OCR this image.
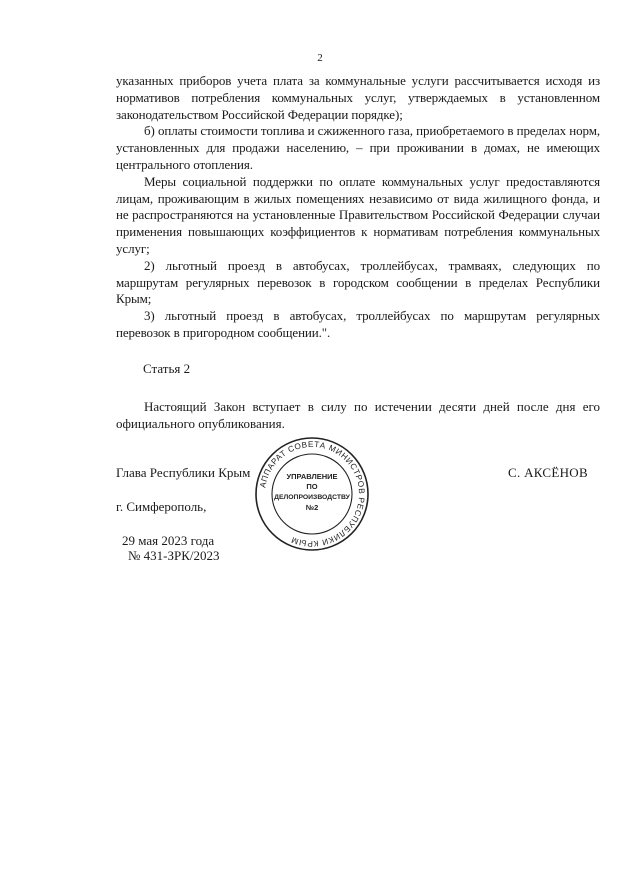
2

указанных приборов учета плата за коммунальные услуги рассчитывается исходя из нормативов потребления коммунальных услуг, утверждаемых в установленном законодательством Российской Федерации порядке);

б) оплаты стоимости топлива и сжиженного газа, приобретаемого в пределах норм, установленных для продажи населению, – при проживании в домах, не имеющих центрального отопления.

Меры социальной поддержки по оплате коммунальных услуг предоставляются лицам, проживающим в жилых помещениях независимо от вида жилищного фонда, и не распространяются на установленные Правительством Российской Федерации случаи применения повышающих коэффициентов к нормативам потребления коммунальных услуг;

2) льготный проезд в автобусах, троллейбусах, трамваях, следующих по маршрутам регулярных перевозок в городском сообщении в пределах Республики Крым;

3) льготный проезд в автобусах, троллейбусах по маршрутам регулярных перевозок в пригородном сообщении.".

Статья 2

Настоящий Закон вступает в силу по истечении десяти дней после дня его официального опубликования.

Глава Республики Крым	С. АКСЁНОВ
г. Симферополь,
29 мая 2023 года
№ 431-ЗРК/2023
АППАРАТ СОВЕТА МИНИСТРОВ РЕСПУБЛИКИ КРЫМ
УПРАВЛЕНИЕ
ПО
ДЕЛОПРОИЗВОДСТВУ
№2
